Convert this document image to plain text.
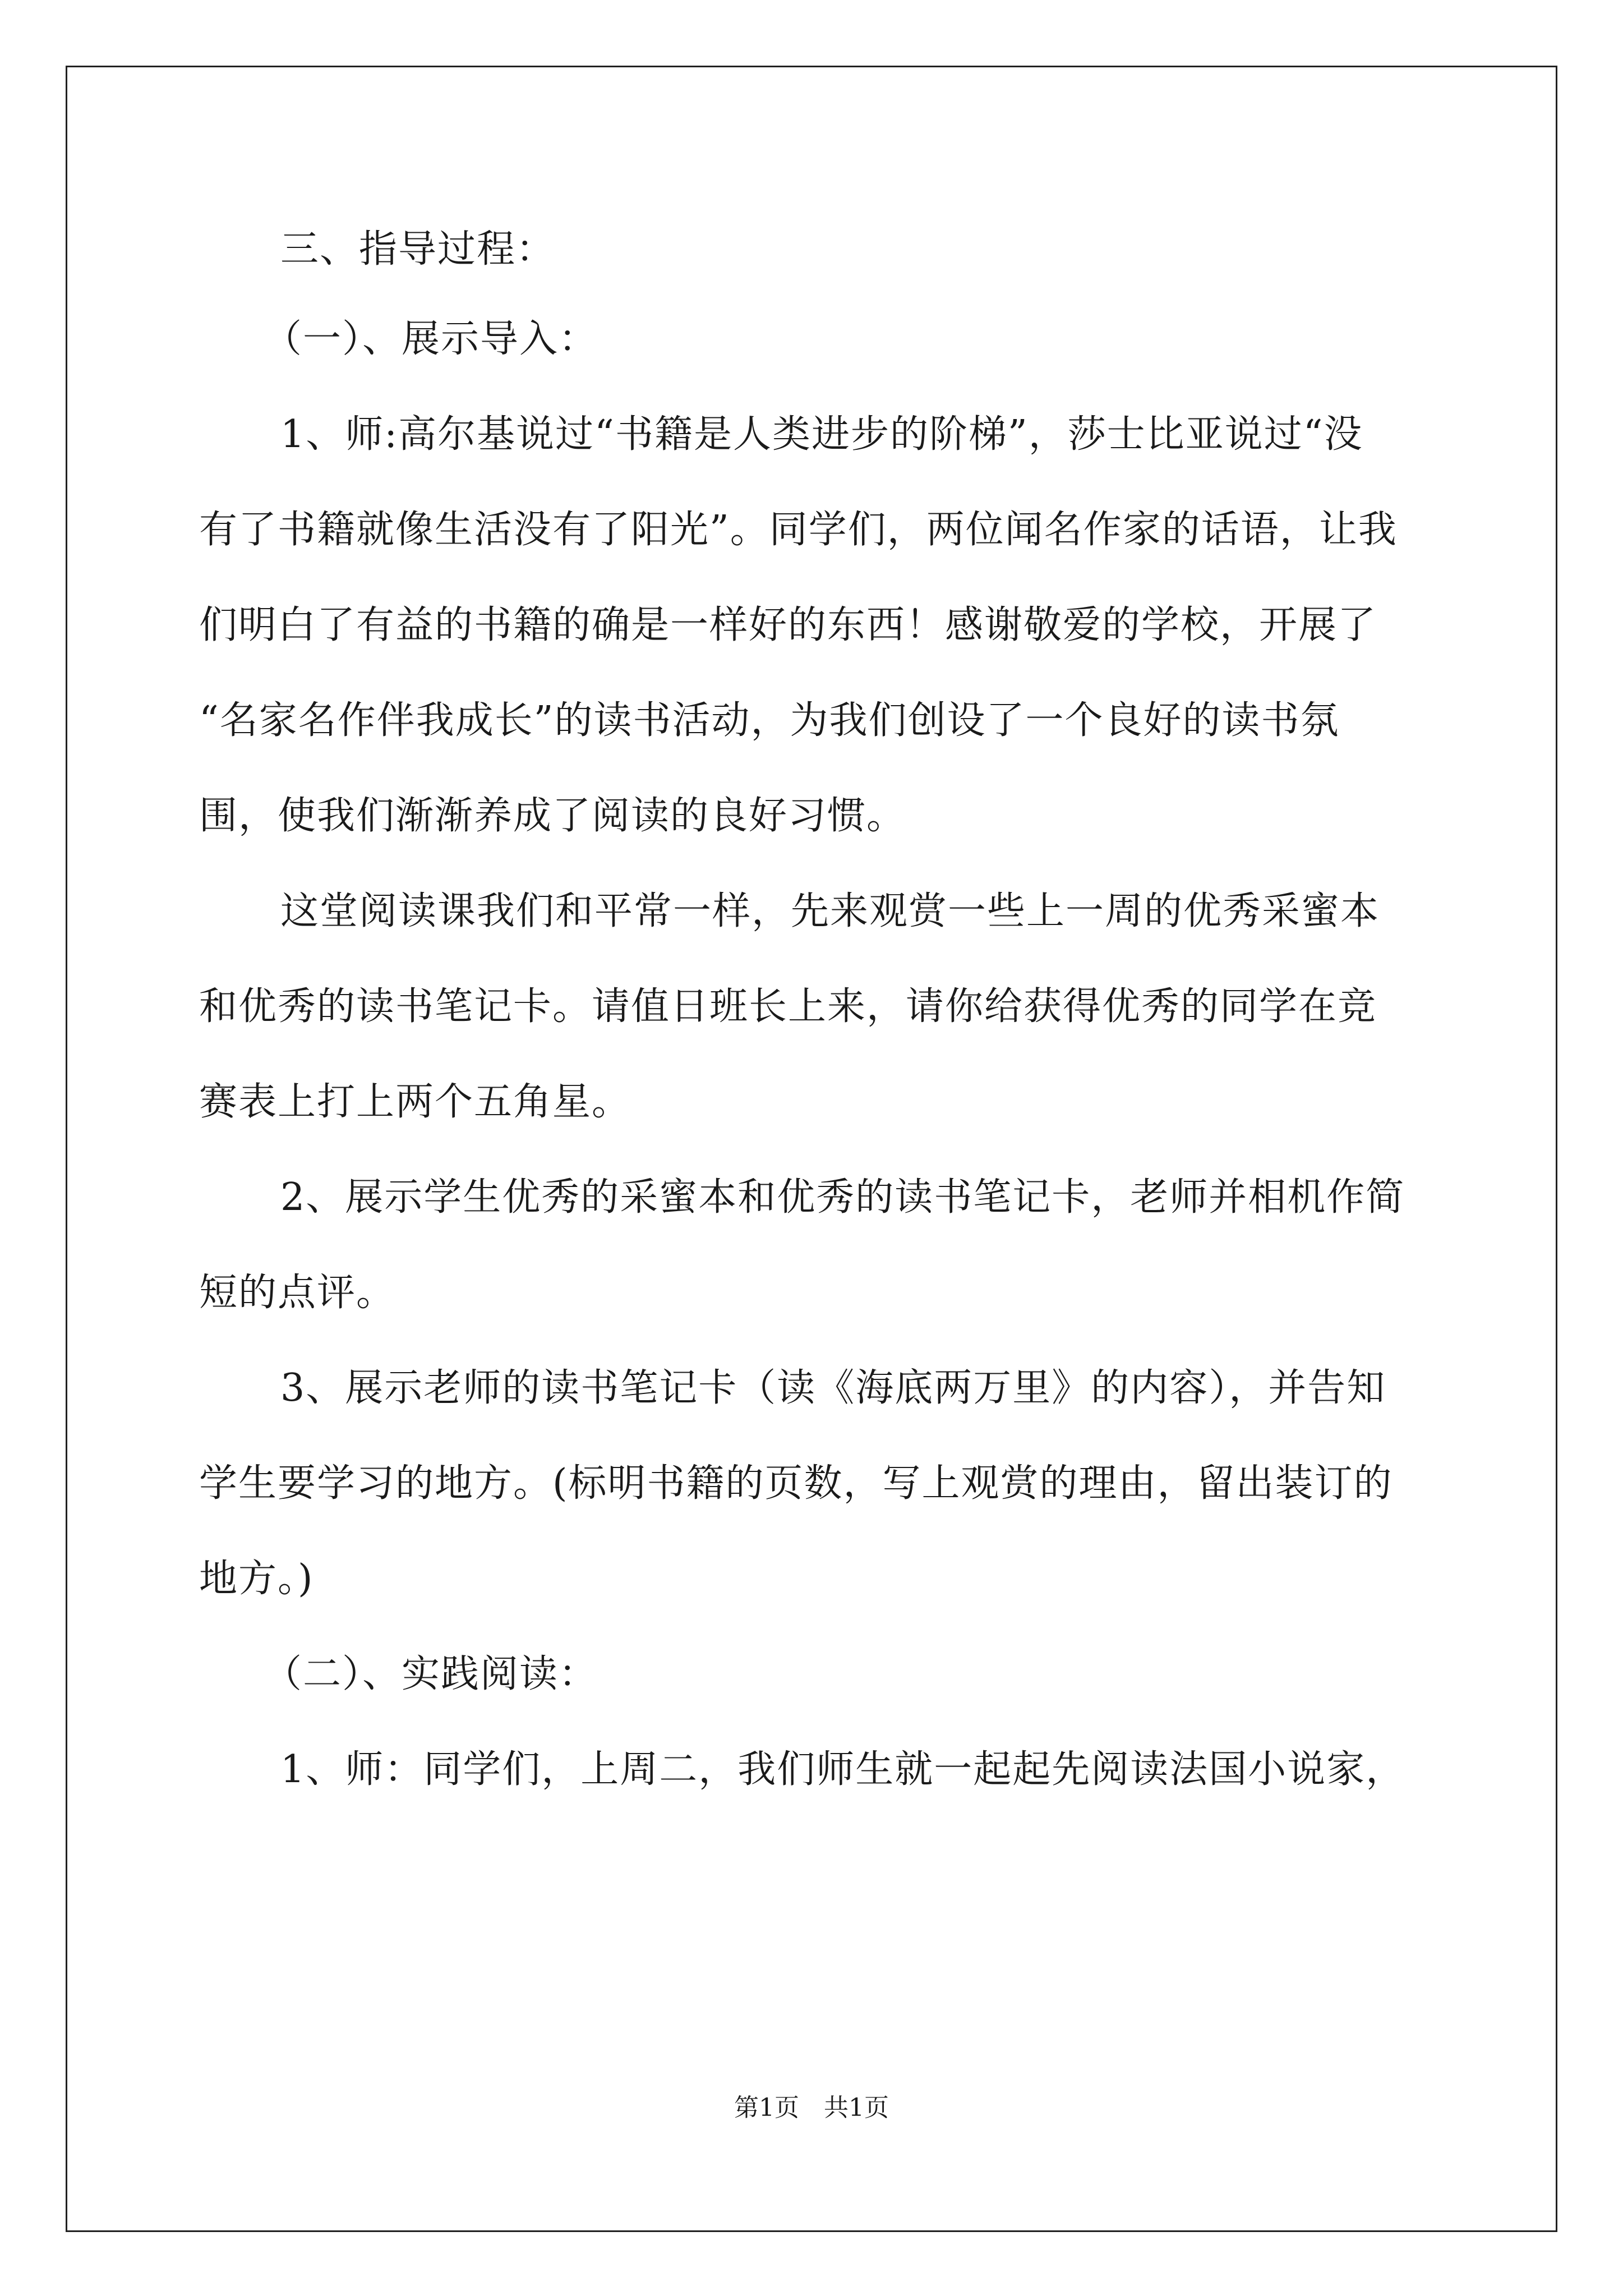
三、指导过程：
（一）、展示导入：
1、师:高尔基说过“书籍是人类进步的阶梯”，莎士比亚说过“没
有了书籍就像生活没有了阳光”。同学们，两位闻名作家的话语，让我
们明白了有益的书籍的确是一样好的东西！感谢敬爱的学校，开展了
“名家名作伴我成长”的读书活动，为我们创设了一个良好的读书氛
围，使我们渐渐养成了阅读的良好习惯。
这堂阅读课我们和平常一样，先来观赏一些上一周的优秀采蜜本
和优秀的读书笔记卡。请值日班长上来，请你给获得优秀的同学在竞
赛表上打上两个五角星。
2、展示学生优秀的采蜜本和优秀的读书笔记卡，老师并相机作简
短的点评。
3、展示老师的读书笔记卡（读《海底两万里》的内容），并告知
学生要学习的地方。(标明书籍的页数，写上观赏的理由，留出装订的
地方。)
（二）、实践阅读：
1、师：同学们，上周二，我们师生就一起起先阅读法国小说家，
第1页　共1页
